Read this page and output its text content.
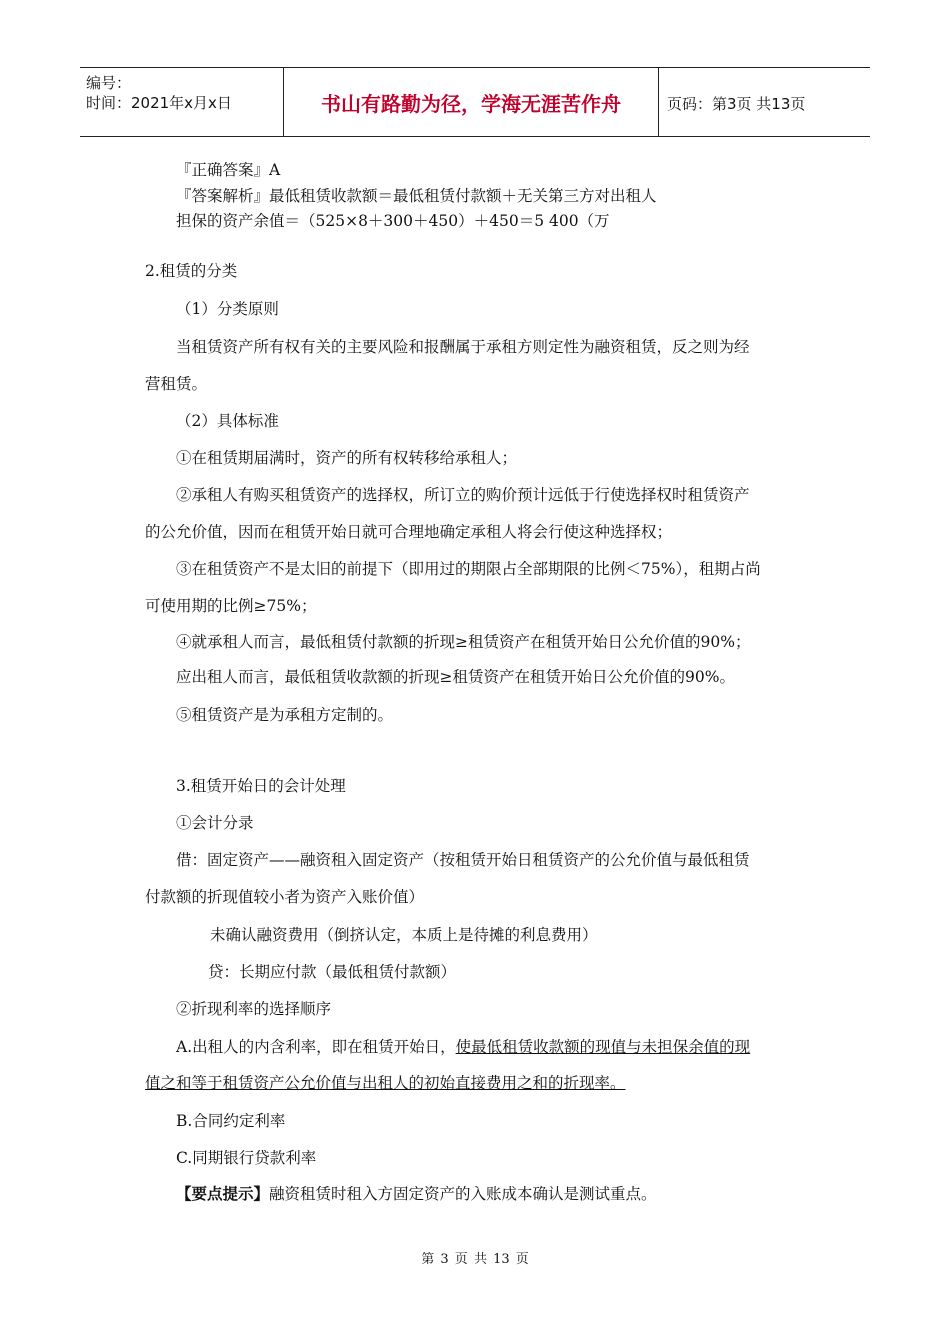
编号：
时间：2021年x月x日	书山有路勤为径，学海无涯苦作舟	页码：第3页 共13页
『正确答案』A
『答案解析』最低租赁收款额＝最低租赁付款额＋无关第三方对出租人
担保的资产余值＝（525×8＋300＋450）＋450＝5 400（万
2.租赁的分类
（1）分类原则
当租赁资产所有权有关的主要风险和报酬属于承租方则定性为融资租赁，反之则为经
营租赁。
（2）具体标准
①在租赁期届满时，资产的所有权转移给承租人；
②承租人有购买租赁资产的选择权，所订立的购价预计远低于行使选择权时租赁资产
的公允价值，因而在租赁开始日就可合理地确定承租人将会行使这种选择权；
③在租赁资产不是太旧的前提下（即用过的期限占全部期限的比例＜75%），租期占尚
可使用期的比例≥75%；
④就承租人而言，最低租赁付款额的折现≥租赁资产在租赁开始日公允价值的90%；
应出租人而言，最低租赁收款额的折现≥租赁资产在租赁开始日公允价值的90%。
⑤租赁资产是为承租方定制的。
3.租赁开始日的会计处理
①会计分录
借：固定资产——融资租入固定资产（按租赁开始日租赁资产的公允价值与最低租赁
付款额的折现值较小者为资产入账价值）
未确认融资费用（倒挤认定，本质上是待摊的利息费用）
贷：长期应付款（最低租赁付款额）
②折现利率的选择顺序
A.出租人的内含利率，即在租赁开始日，使最低租赁收款额的现值与未担保余值的现
值之和等于租赁资产公允价值与出租人的初始直接费用之和的折现率。
B.合同约定利率
C.同期银行贷款利率
【要点提示】融资租赁时租入方固定资产的入账成本确认是测试重点。
第 3 页 共 13 页
